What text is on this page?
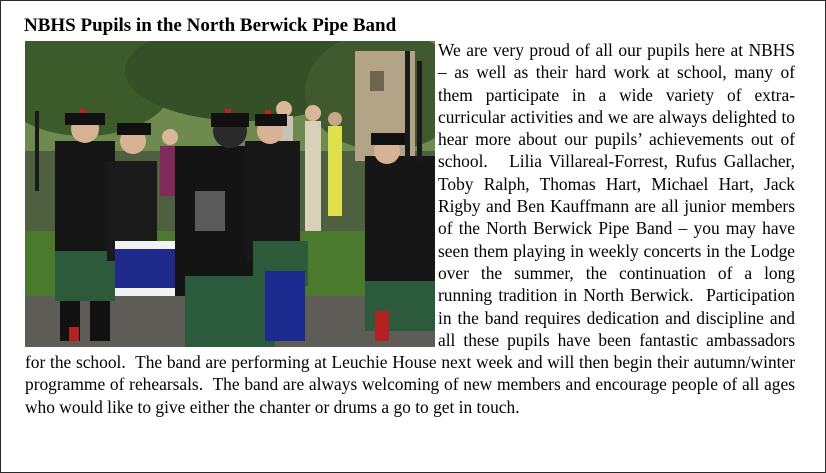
NBHS Pupils in the North Berwick Pipe Band
We are very proud of all our pupils here at NBHS – as well as their hard work at school, many of them participate in a wide variety of extra-curricular activities and we are always delighted to hear more about our pupils’ achievements out of school.   Lilia Villareal-Forrest, Rufus Gallacher, Toby Ralph, Thomas Hart, Michael Hart, Jack Rigby and Ben Kauffmann are all junior members of the North Berwick Pipe Band – you may have seen them playing in weekly concerts in the Lodge over the summer, the continuation of a long running tradition in North Berwick.  Participation in the band requires dedication and discipline and all these pupils have been fantastic ambassadors for the school.  The band are performing at Leuchie House next week and will then begin their autumn/winter programme of rehearsals.  The band are always welcoming of new members and encourage people of all ages who would like to give either the chanter or drums a go to get in touch.
